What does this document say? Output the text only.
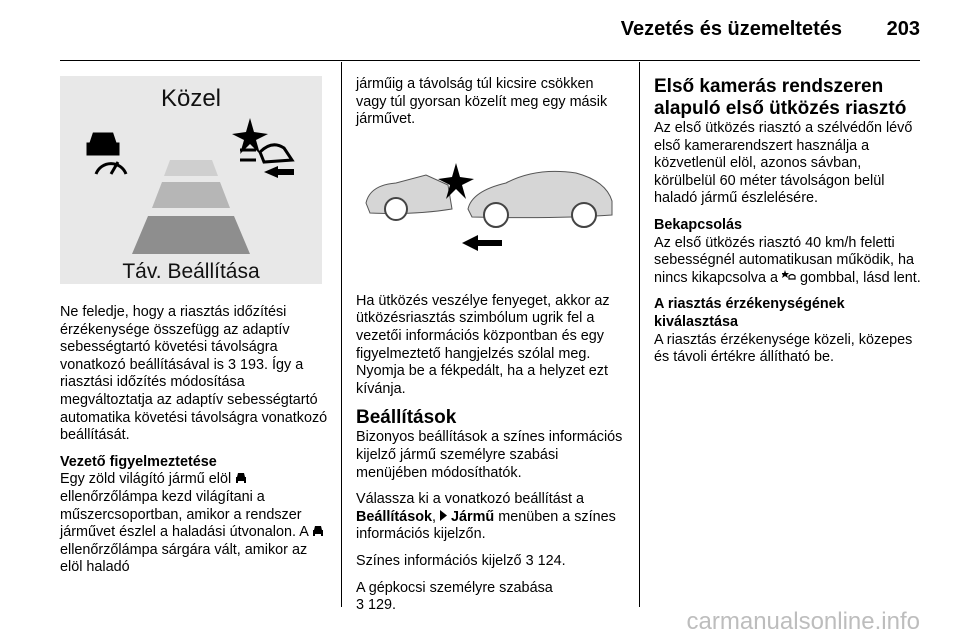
Vezetés és üzemeltetés 203
Közel
Táv. Beállítása

Ne feledje, hogy a riasztás időzítési érzékenysége összefügg az adaptív sebességtartó követési távolságra vonatkozó beállításával is 3 193. Így a riasztási időzítés módosítása megváltoztatja az adaptív sebességtartó automatika követési távolságra vonatkozó beállítását.

Vezető figyelmeztetése

Egy zöld világító jármű elöl  ellenőrzőlámpa kezd világítani a műszercsoportban, amikor a rendszer járművet észlel a haladási útvonalon. A  ellenőrzőlámpa sárgára vált, amikor az elöl haladó

járműig a távolság túl kicsire csökken vagy túl gyorsan közelít meg egy másik járművet.

Ha ütközés veszélye fenyeget, akkor az ütközésriasztás szimbólum ugrik fel a vezetői információs központban és egy figyelmeztető hangjelzés szólal meg. Nyomja be a fékpedált, ha a helyzet ezt kívánja.

Beállítások

Bizonyos beállítások a színes információs kijelző jármű személyre szabási menüjében módosíthatók.

Válassza ki a vonatkozó beállítást a Beállítások,  Jármű menüben a színes információs kijelzőn.

Színes információs kijelző 3 124.

A gépkocsi személyre szabása
3 129.

Első kamerás rendszeren alapuló első ütközés riasztó

Az első ütközés riasztó a szélvédőn lévő első kamerarendszert használja a közvetlenül elöl, azonos sávban, körülbelül 60 méter távolságon belül haladó jármű észlelésére.

Bekapcsolás

Az első ütközés riasztó 40 km/h feletti sebességnél automatikusan működik, ha nincs kikapcsolva a gombbal, lásd lent.

A riasztás érzékenységének kiválasztása

A riasztás érzékenysége közeli, közepes és távoli értékre állítható be.

carmanualsonline.info
